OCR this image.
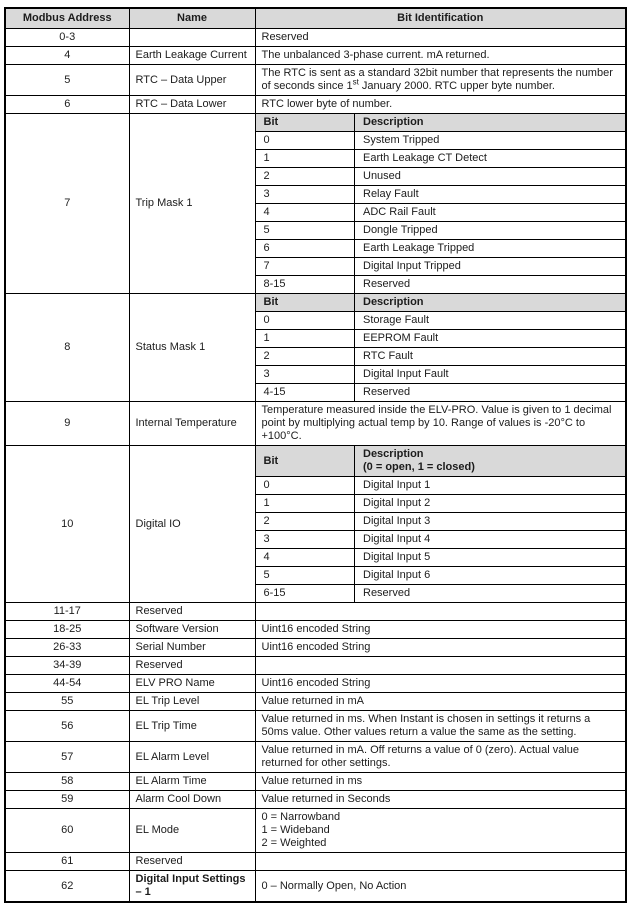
Modbus Address	Name	Bit Identification
0-3		Reserved
4	Earth Leakage Current	The unbalanced 3-phase current. mA returned.
5	RTC – Data Upper	The RTC is sent as a standard 32bit number that represents the number of seconds since 1st January 2000. RTC upper byte number.
6	RTC – Data Lower	RTC lower byte of number.
7	Trip Mask 1	
Bit	Description
0	System Tripped
1	Earth Leakage CT Detect
2	Unused
3	Relay Fault
4	ADC Rail Fault
5	Dongle Tripped
6	Earth Leakage Tripped
7	Digital Input Tripped
8-15	Reserved

8	Status Mask 1	
Bit	Description
0	Storage Fault
1	EEPROM Fault
2	RTC Fault
3	Digital Input Fault
4-15	Reserved

9	Internal Temperature	Temperature measured inside the ELV-PRO. Value is given to 1 decimal point by multiplying actual temp by 10. Range of values is -20°C to +100°C.
10	Digital IO	
Bit	
Description
(0 = open, 1 = closed)

0	Digital Input 1
1	Digital Input 2
2	Digital Input 3
3	Digital Input 4
4	Digital Input 5
5	Digital Input 6
6-15	Reserved

11-17	Reserved	
18-25	Software Version	Uint16 encoded String
26-33	Serial Number	Uint16 encoded String
34-39	Reserved	
44-54	ELV PRO Name	Uint16 encoded String
55	EL Trip Level	Value returned in mA
56	EL Trip Time	Value returned in ms. When Instant is chosen in settings it returns a 50ms value. Other values return a value the same as the setting.
57	EL Alarm Level	Value returned in mA. Off returns a value of 0 (zero). Actual value returned for other settings.
58	EL Alarm Time	Value returned in ms
59	Alarm Cool Down	Value returned in Seconds
60	EL Mode	
0 = Narrowband
1 = Wideband
2 = Weighted

61	Reserved	
62	Digital Input Settings – 1	0 – Normally Open, No Action
